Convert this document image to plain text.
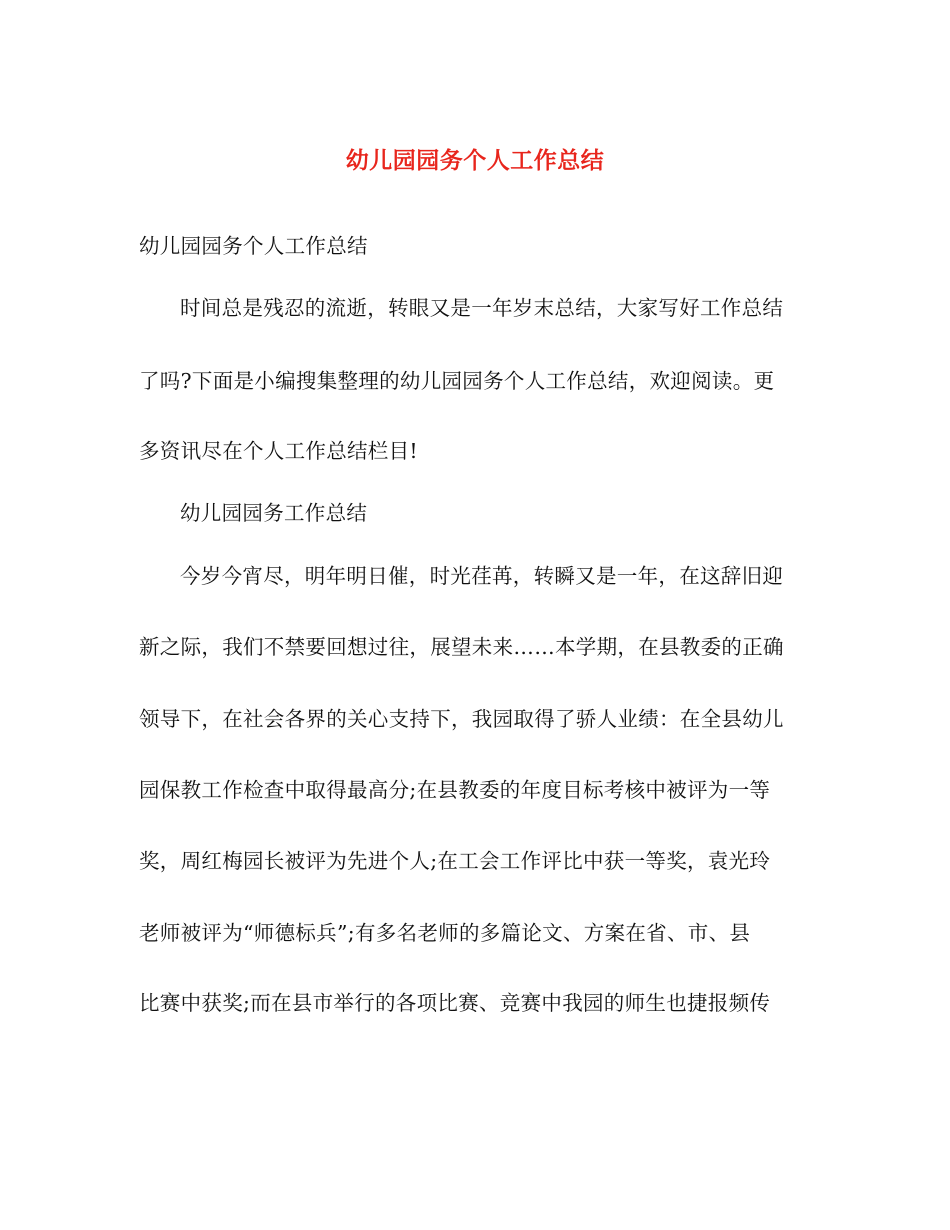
幼儿园园务个人工作总结
幼儿园园务个人工作总结
时间总是残忍的流逝，转眼又是一年岁末总结，大家写好工作总结
了吗?下面是小编搜集整理的幼儿园园务个人工作总结，欢迎阅读。更
多资讯尽在个人工作总结栏目!
幼儿园园务工作总结
今岁今宵尽，明年明日催，时光荏苒，转瞬又是一年，在这辞旧迎
新之际，我们不禁要回想过往，展望未来……本学期，在县教委的正确
领导下，在社会各界的关心支持下，我园取得了骄人业绩：在全县幼儿
园保教工作检查中取得最高分;在县教委的年度目标考核中被评为一等
奖，周红梅园长被评为先进个人;在工会工作评比中获一等奖，袁光玲
老师被评为“师德标兵”;有多名老师的多篇论文、方案在省、市、县
比赛中获奖;而在县市举行的各项比赛、竞赛中我园的师生也捷报频传
